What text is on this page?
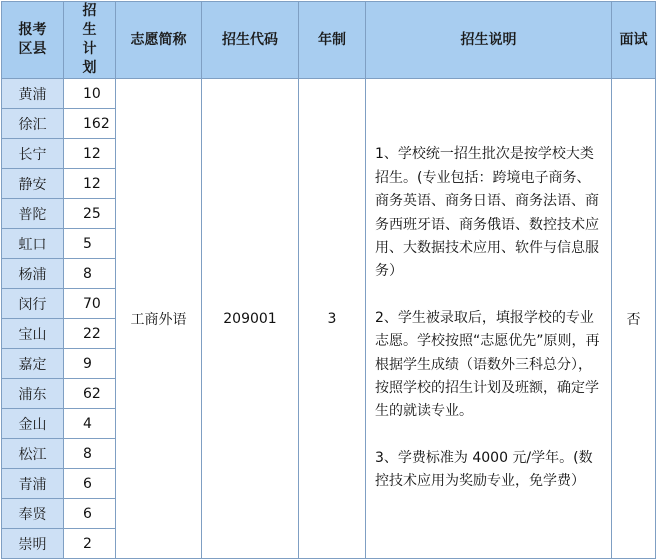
报考区县	招生计划	志愿简称	招生代码	年制	招生说明	面试
黄浦	10	工商外语	209001	3	1、学校统一招生批次是按学校大类招生。(专业包括：跨境电子商务、商务英语、商务日语、商务法语、商务西班牙语、商务俄语、数控技术应用、大数据技术应用、软件与信息服务）

2、学生被录取后，填报学校的专业志愿。学校按照“志愿优先”原则，再根据学生成绩（语数外三科总分），按照学校的招生计划及班额，确定学生的就读专业。

3、学费标准为 4000 元/学年。(数控技术应用为奖励专业，免学费）	否
徐汇	162					
长宁	12					
静安	12					
普陀	25					
虹口	5					
杨浦	8					
闵行	70					
宝山	22					
嘉定	9					
浦东	62					
金山	4					
松江	8					
青浦	6					
奉贤	6					
崇明	2					
